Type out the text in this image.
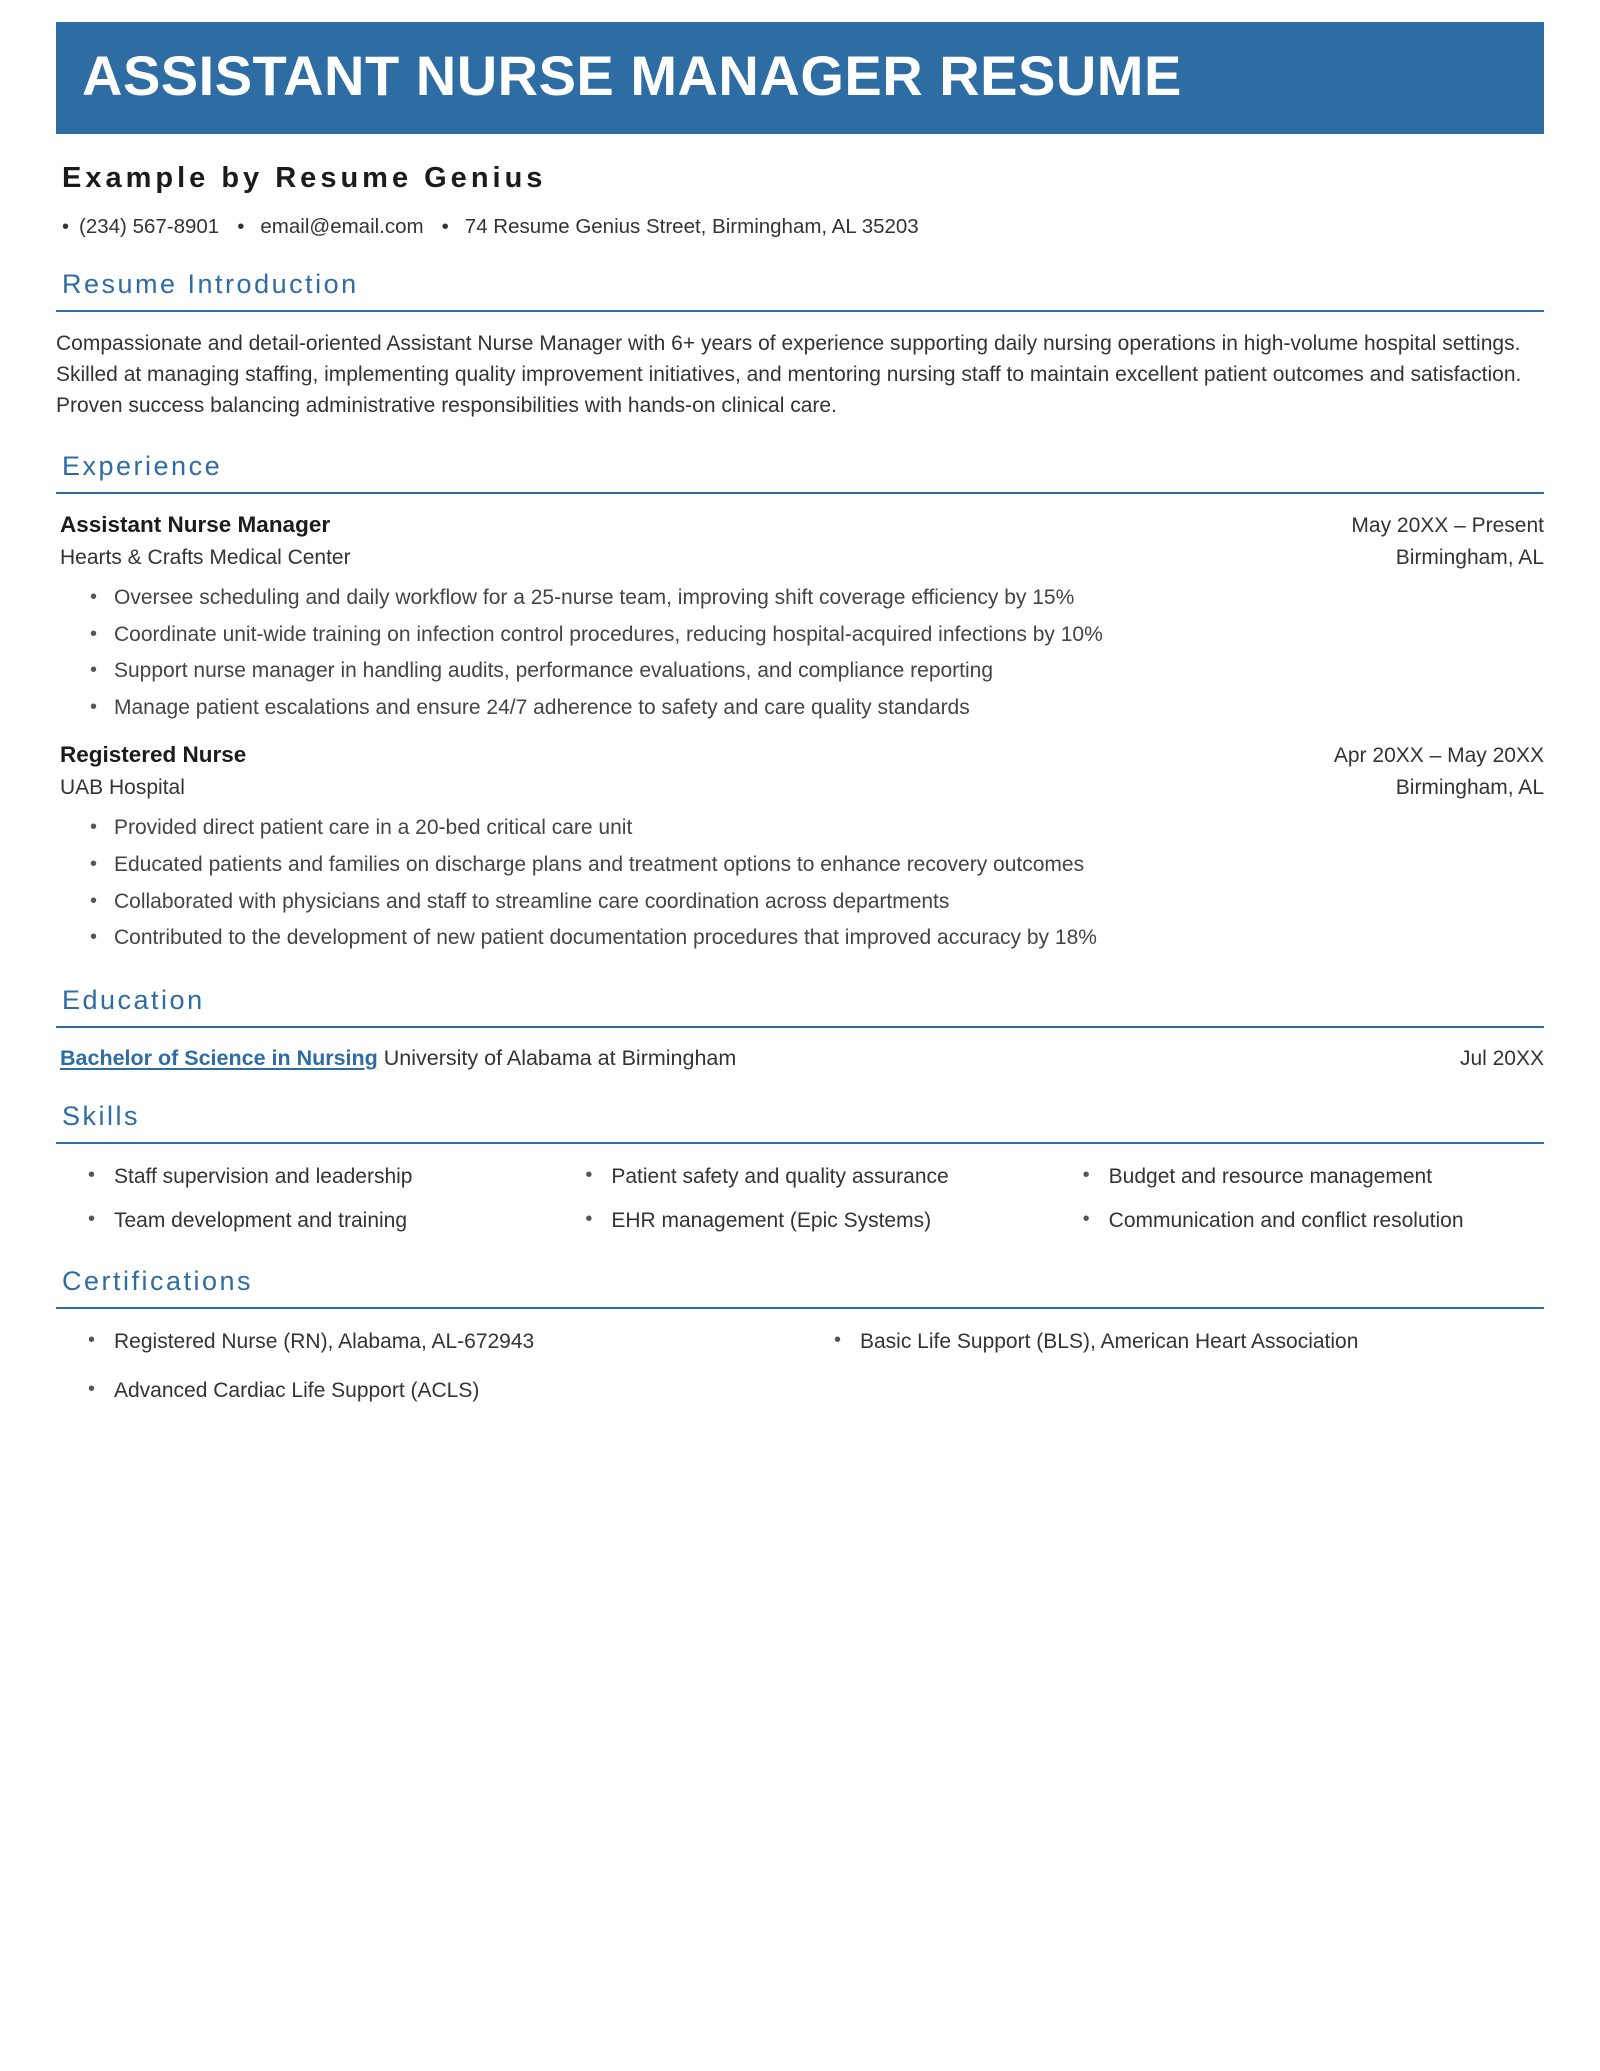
ASSISTANT NURSE MANAGER RESUME
Example by Resume Genius
• (234) 567-8901 • email@email.com • 74 Resume Genius Street, Birmingham, AL 35203
Resume Introduction

Compassionate and detail-oriented Assistant Nurse Manager with 6+ years of experience supporting daily nursing operations in high-volume hospital settings. Skilled at managing staffing, implementing quality improvement initiatives, and mentoring nursing staff to maintain excellent patient outcomes and satisfaction. Proven success balancing administrative responsibilities with hands-on clinical care.

Experience
Assistant Nurse Manager	May 20XX – Present
Hearts & Crafts Medical Center	Birmingham, AL
• Oversee scheduling and daily workflow for a 25-nurse team, improving shift coverage efficiency by 15%
• Coordinate unit-wide training on infection control procedures, reducing hospital-acquired infections by 10%
• Support nurse manager in handling audits, performance evaluations, and compliance reporting
• Manage patient escalations and ensure 24/7 adherence to safety and care quality standards
Registered Nurse	Apr 20XX – May 20XX
UAB Hospital	Birmingham, AL
• Provided direct patient care in a 20-bed critical care unit
• Educated patients and families on discharge plans and treatment options to enhance recovery outcomes
• Collaborated with physicians and staff to streamline care coordination across departments
• Contributed to the development of new patient documentation procedures that improved accuracy by 18%
Education
Bachelor of Science in Nursing University of Alabama at Birmingham	Jul 20XX
Skills
• Staff supervision and leadership	• Patient safety and quality assurance	• Budget and resource management
• Team development and training	• EHR management (Epic Systems)	• Communication and conflict resolution
Certifications
• Registered Nurse (RN), Alabama, AL-672943	• Basic Life Support (BLS), American Heart Association
• Advanced Cardiac Life Support (ACLS)
